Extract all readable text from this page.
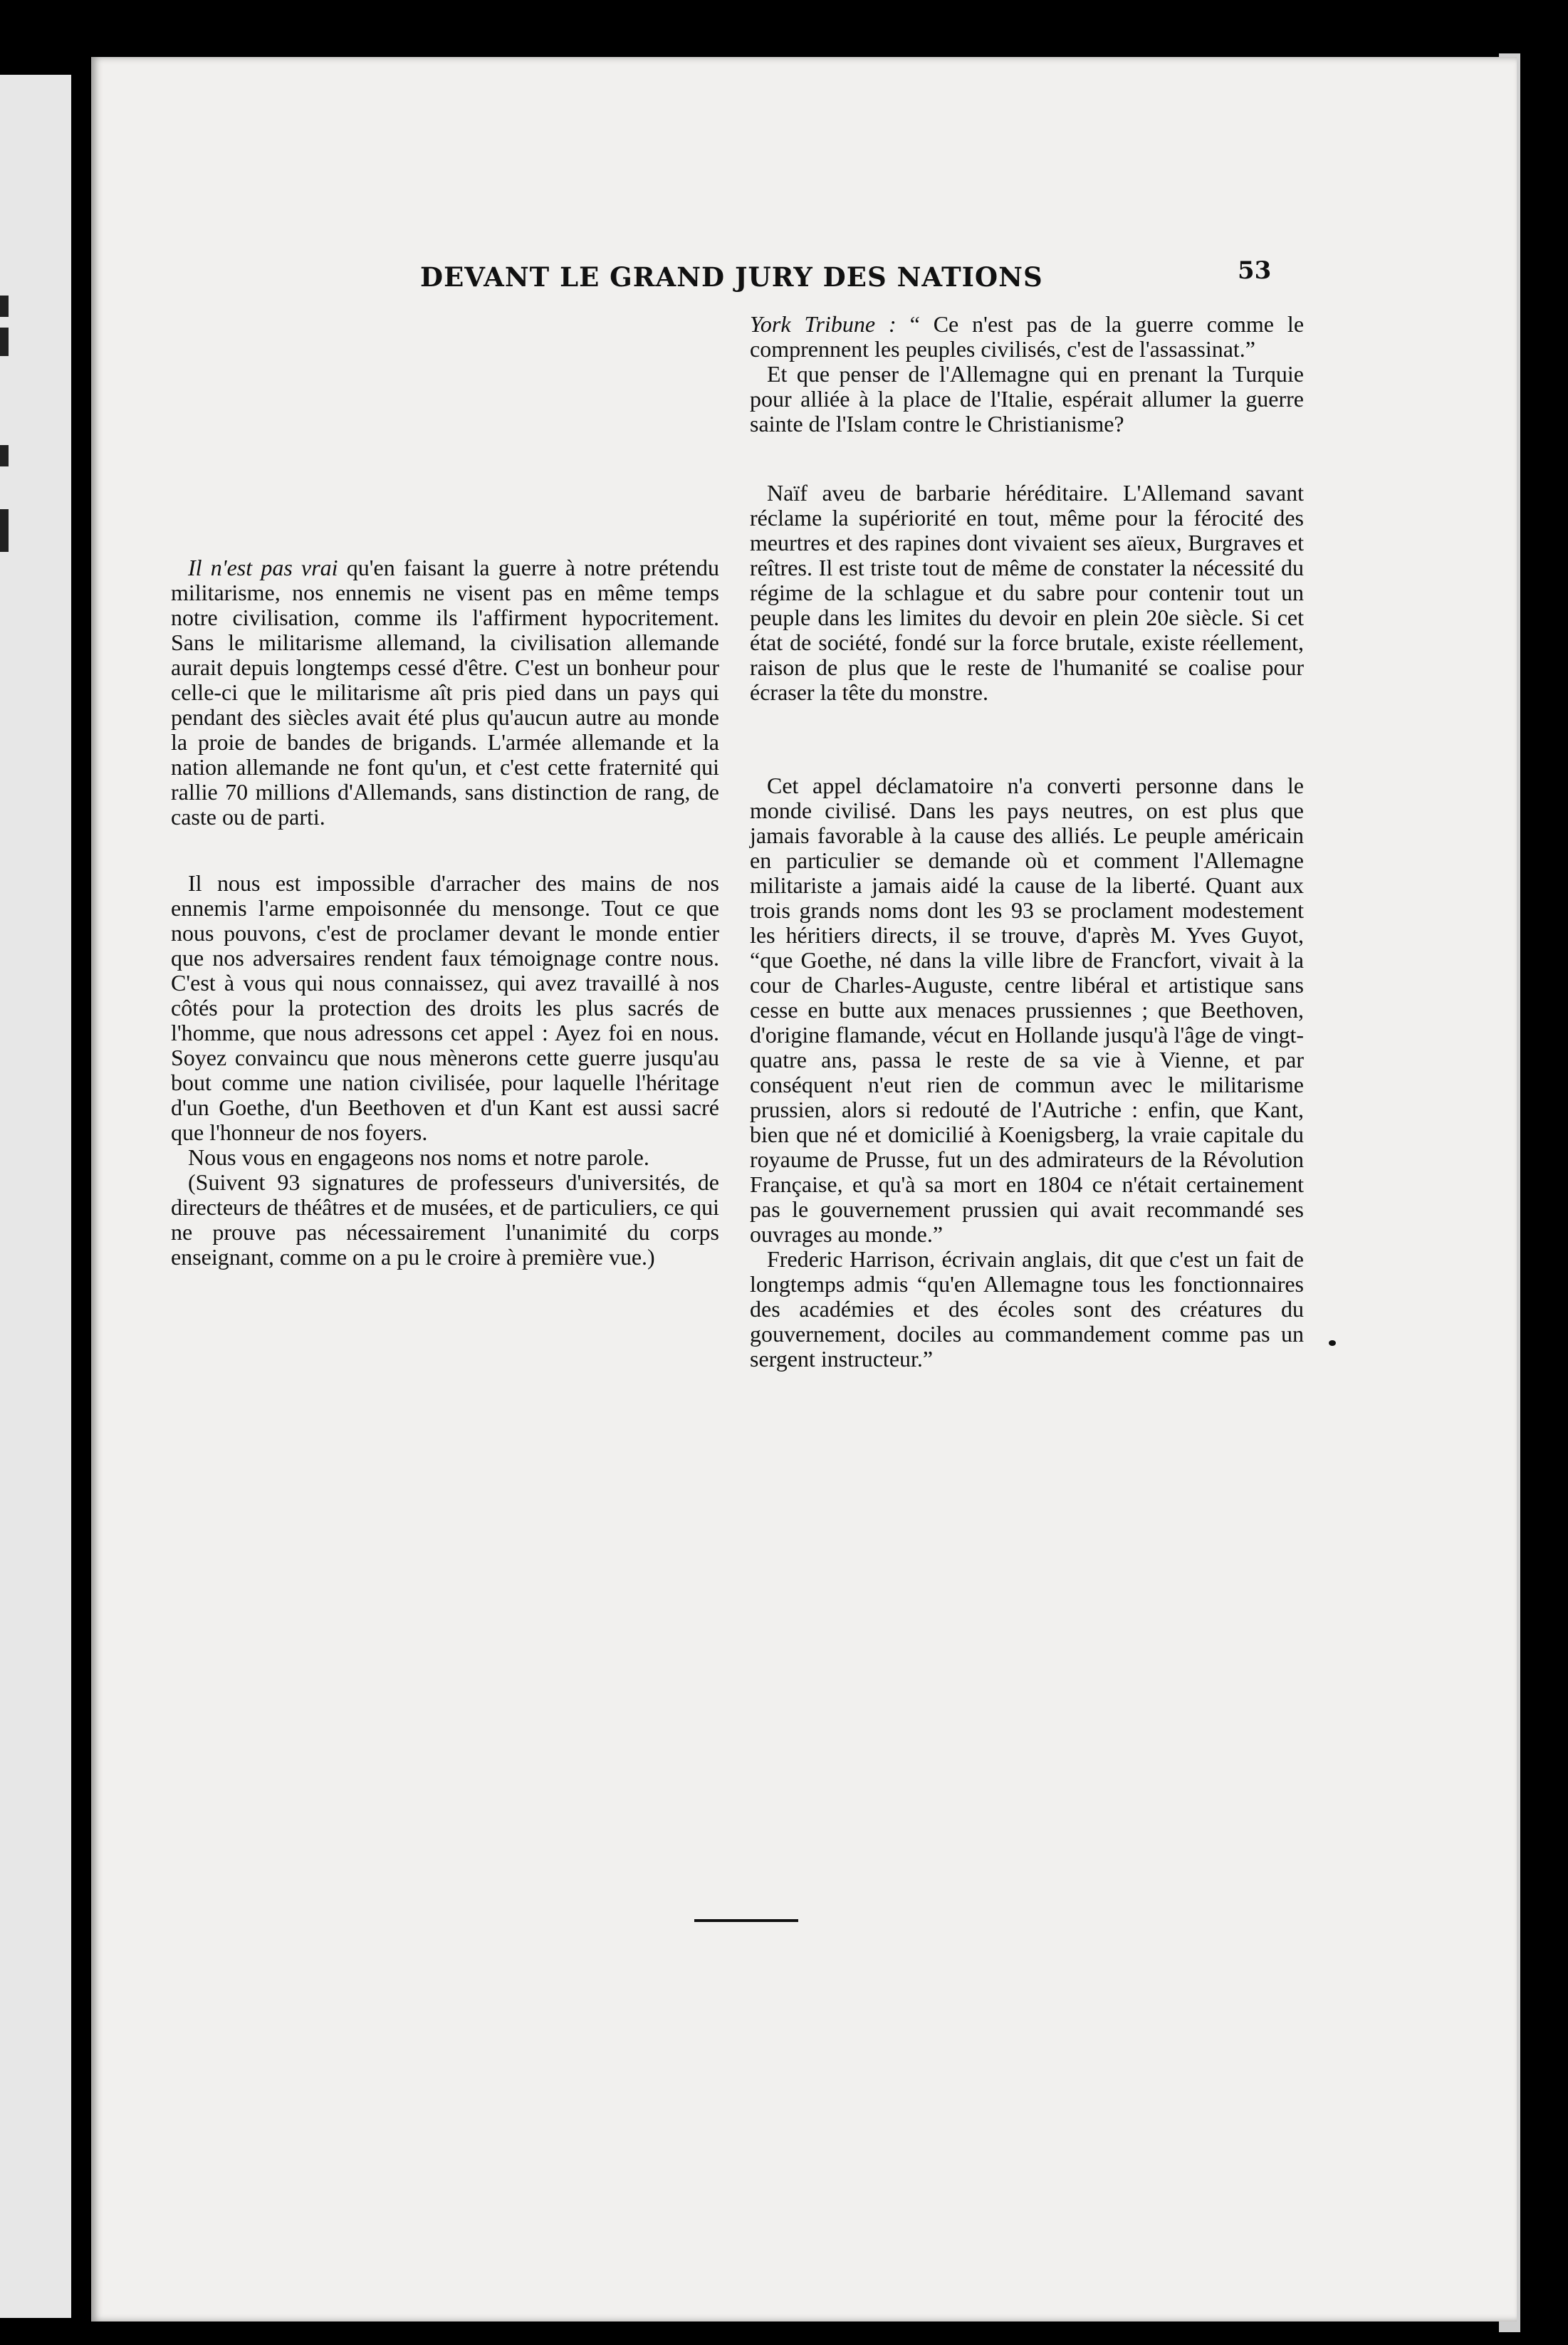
DEVANT LE GRAND JURY DES NATIONS	53

Il n'est pas vrai qu'en faisant la guerre à notre prétendu militarisme, nos ennemis ne visent pas en même temps notre civilisation, comme ils l'affirment hypocritement. Sans le militarisme allemand, la civilisation allemande aurait depuis longtemps cessé d'être. C'est un bonheur pour celle-ci que le militarisme aît pris pied dans un pays qui pendant des siècles avait été plus qu'aucun autre au monde la proie de bandes de brigands. L'armée allemande et la nation allemande ne font qu'un, et c'est cette fraternité qui rallie 70 millions d'Allemands, sans distinction de rang, de caste ou de parti.

Il nous est impossible d'arracher des mains de nos ennemis l'arme empoisonnée du mensonge. Tout ce que nous pouvons, c'est de proclamer devant le monde entier que nos adversaires rendent faux témoignage contre nous. C'est à vous qui nous connaissez, qui avez travaillé à nos côtés pour la protection des droits les plus sacrés de l'homme, que nous adressons cet appel : Ayez foi en nous. Soyez convaincu que nous mènerons cette guerre jusqu'au bout comme une nation civilisée, pour laquelle l'héritage d'un Goethe, d'un Beethoven et d'un Kant est aussi sacré que l'honneur de nos foyers.

Nous vous en engageons nos noms et notre parole.

(Suivent 93 signatures de professeurs d'universités, de directeurs de théâtres et de musées, et de particuliers, ce qui ne prouve pas nécessairement l'unanimité du corps enseignant, comme on a pu le croire à première vue.)

York Tribune : “ Ce n'est pas de la guerre comme le comprennent les peuples civilisés, c'est de l'assassinat.”

Et que penser de l'Allemagne qui en prenant la Turquie pour alliée à la place de l'Italie, espérait allumer la guerre sainte de l'Islam contre le Christianisme?

Naïf aveu de barbarie héréditaire. L'Allemand savant réclame la supériorité en tout, même pour la férocité des meurtres et des rapines dont vivaient ses aïeux, Burgraves et reîtres. Il est triste tout de même de constater la nécessité du régime de la schlague et du sabre pour contenir tout un peuple dans les limites du devoir en plein 20e siècle. Si cet état de société, fondé sur la force brutale, existe réellement, raison de plus que le reste de l'humanité se coalise pour écraser la tête du monstre.

Cet appel déclamatoire n'a converti personne dans le monde civilisé. Dans les pays neutres, on est plus que jamais favorable à la cause des alliés. Le peuple américain en particulier se demande où et comment l'Allemagne militariste a jamais aidé la cause de la liberté. Quant aux trois grands noms dont les 93 se proclament modestement les héritiers directs, il se trouve, d'après M. Yves Guyot, “que Goethe, né dans la ville libre de Francfort, vivait à la cour de Charles-Auguste, centre libéral et artistique sans cesse en butte aux menaces prussiennes ; que Beethoven, d'origine flamande, vécut en Hollande jusqu'à l'âge de vingt-quatre ans, passa le reste de sa vie à Vienne, et par conséquent n'eut rien de commun avec le militarisme prussien, alors si redouté de l'Autriche : enfin, que Kant, bien que né et domicilié à Koenigsberg, la vraie capitale du royaume de Prusse, fut un des admirateurs de la Révolution Française, et qu'à sa mort en 1804 ce n'était certainement pas le gouvernement prussien qui avait recommandé ses ouvrages au monde.”

Frederic Harrison, écrivain anglais, dit que c'est un fait de longtemps admis “qu'en Allemagne tous les fonctionnaires des académies et des écoles sont des créatures du gouvernement, dociles au commandement comme pas un sergent instructeur.”
